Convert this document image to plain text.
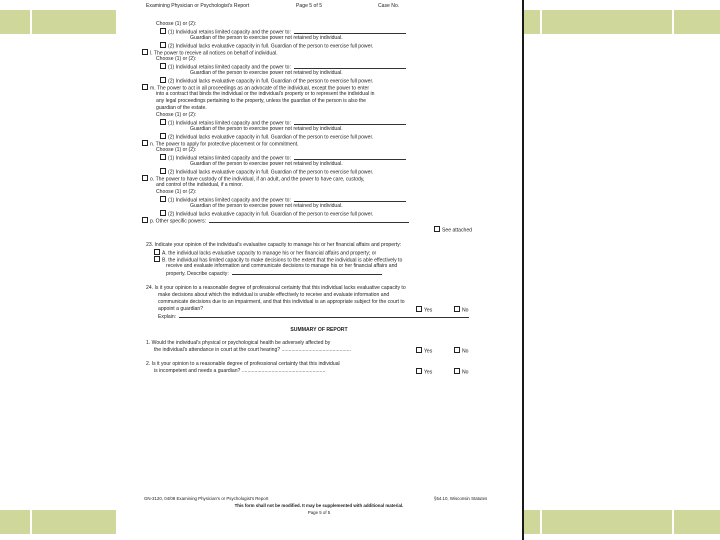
Examining Physician or Psychologist's Report	Page 5 of 5	Case No.
Choose (1) or (2):
(1) Individual retains limited capacity and the power to:
Guardian of the person to exercise power not retained by individual.
(2) Individual lacks evaluative capacity in full. Guardian of the person to exercise full power.
l. The power to receive all notices on behalf of individual.
Choose (1) or (2):
(1) Individual retains limited capacity and the power to:
Guardian of the person to exercise power not retained by individual.
(2) Individual lacks evaluative capacity in full. Guardian of the person to exercise full power.
m. The power to act in all proceedings as an advocate of the individual, except the power to enter
into a contract that binds the individual or the individual's property or to represent the individual in
any legal proceedings pertaining to the property, unless the guardian of the person is also the
guardian of the estate.
Choose (1) or (2):
(1) Individual retains limited capacity and the power to:
Guardian of the person to exercise power not retained by individual.
(2) Individual lacks evaluative capacity in full. Guardian of the person to exercise full power.
n. The power to apply for protective placement or for commitment.
Choose (1) or (2):
(1) Individual retains limited capacity and the power to:
Guardian of the person to exercise power not retained by individual.
(2) Individual lacks evaluative capacity in full. Guardian of the person to exercise full power.
o. The power to have custody of the individual, if an adult, and the power to have care, custody,
and control of the individual, if a minor.
Choose (1) or (2):
(1) Individual retains limited capacity and the power to:
Guardian of the person to exercise power not retained by individual.
(2) Individual lacks evaluative capacity in full. Guardian of the person to exercise full power.
p. Other specific powers:
See attached
23. Indicate your opinion of the individual's evaluative capacity to manage his or her financial affairs and property:
A. the individual lacks evaluative capacity to manage his or her financial affairs and property; or
B. the individual has limited capacity to make decisions to the extent that the individual is able effectively to
receive and evaluate information and communicate decisions to manage his or her financial affairs and
property. Describe capacity:
24. Is it your opinion to a reasonable degree of professional certainty that this individual lacks evaluative capacity to
make decisions about which the individual is unable effectively to receive and evaluate information and
communicate decisions due to an impairment, and that this individual is an appropriate subject for the court to
appoint a guardian?	Yes	No
Explain:
SUMMARY OF REPORT
1. Would the individual's physical or psychological health be adversely affected by
the individual's attendance in court at the court hearing? .................................................	Yes	No
2. Is it your opinion to a reasonable degree of professional certainty that this individual
is incompetent and needs a guardian? ...........................................................	Yes	No
GN-3120, 04/08 Examining Physician's or Psychologist's Report	§54.10, Wisconsin Statutes
This form shall not be modified. It may be supplemented with additional material.
Page 5 of 5
